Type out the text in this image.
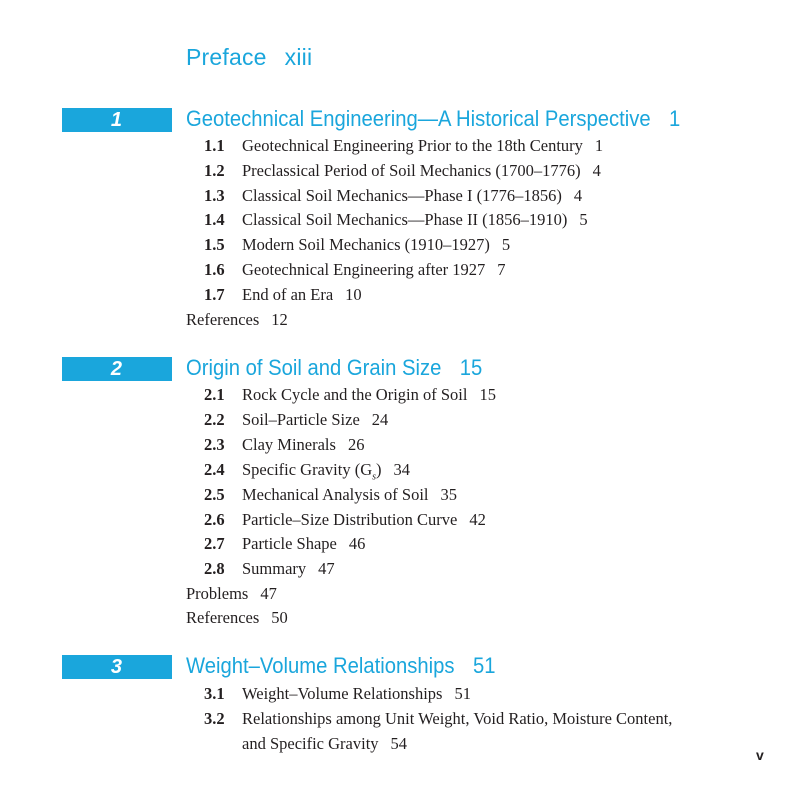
Preface xiii
1	Geotechnical Engineering—A Historical Perspective 1
1.1 Geotechnical Engineering Prior to the 18th Century 1
1.2 Preclassical Period of Soil Mechanics (1700–1776) 4
1.3 Classical Soil Mechanics—Phase I (1776–1856) 4
1.4 Classical Soil Mechanics—Phase II (1856–1910) 5
1.5 Modern Soil Mechanics (1910–1927) 5
1.6 Geotechnical Engineering after 1927 7
1.7 End of an Era 10
References 12
2	Origin of Soil and Grain Size 15
2.1 Rock Cycle and the Origin of Soil 15
2.2 Soil–Particle Size 24
2.3 Clay Minerals 26
2.4 Specific Gravity $(G_s)$ 34
2.5 Mechanical Analysis of Soil 35
2.6 Particle–Size Distribution Curve 42
2.7 Particle Shape 46
2.8 Summary 47
Problems 47
References 50
3	Weight–Volume Relationships 51
3.1 Weight–Volume Relationships 51
3.2 Relationships among Unit Weight, Void Ratio, Moisture Content,
and Specific Gravity 54
v
